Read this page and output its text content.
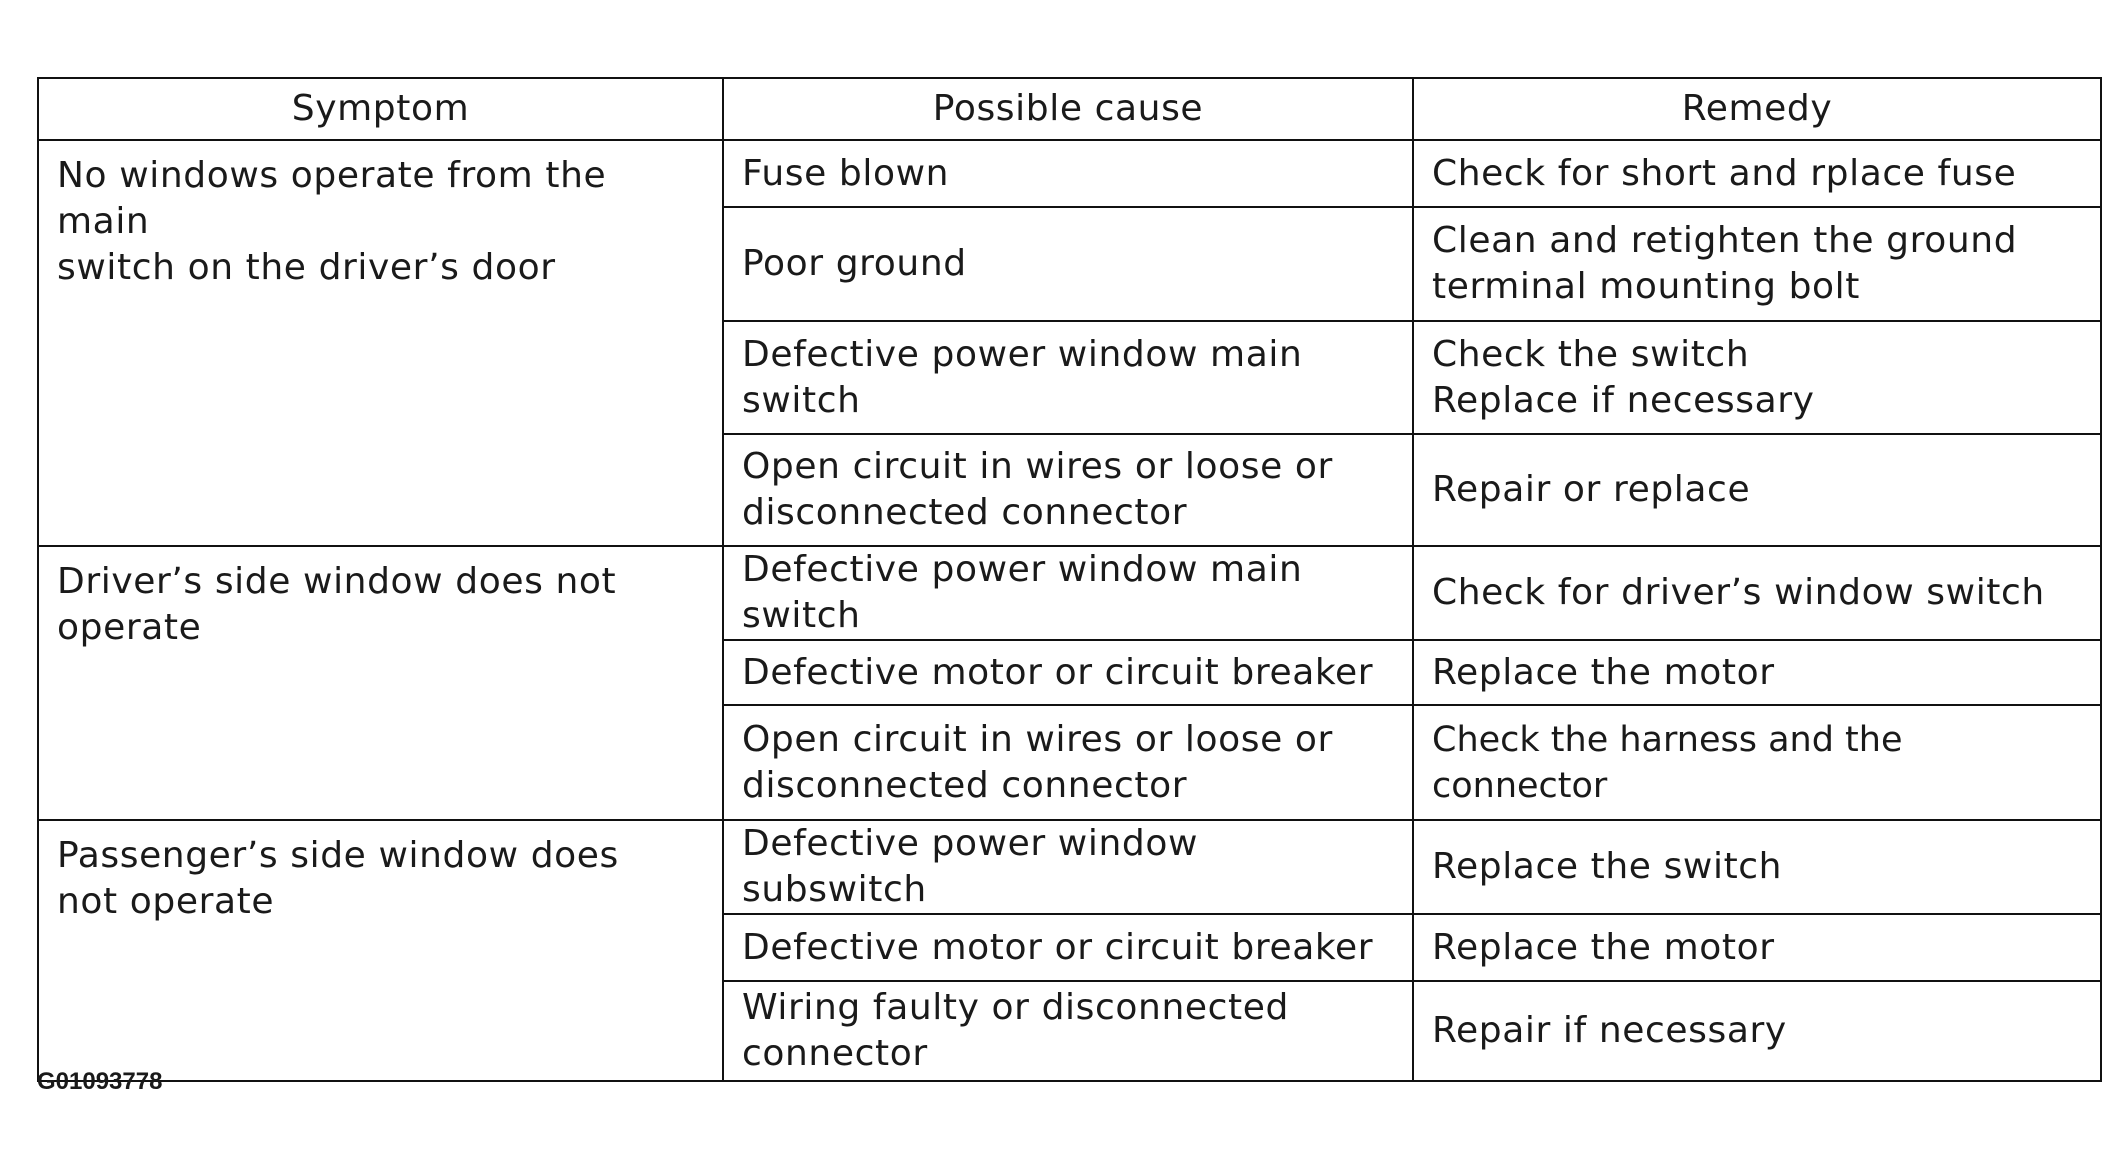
Symptom	Possible cause	Remedy

No windows operate from the main
switch on the driver’s door	Fuse blown	Check for short and rplace fuse

	Poor ground	Clean and retighten the ground
terminal mounting bolt

	Defective power window main switch	Check the switch
Replace if necessary

	Open circuit in wires or loose or
disconnected connector	Repair or replace

Driver’s side window does not operate	Defective power window main switch	Check for driver’s window switch

	Defective motor or circuit breaker	Replace the motor

	Open circuit in wires or loose or
disconnected connector	Check the harness and the connector

Passenger’s side window does
not operate	Defective power window subswitch	Replace the switch

	Defective motor or circuit breaker	Replace the motor

	Wiring faulty or disconnected
connector	Repair if necessary
G01093778
